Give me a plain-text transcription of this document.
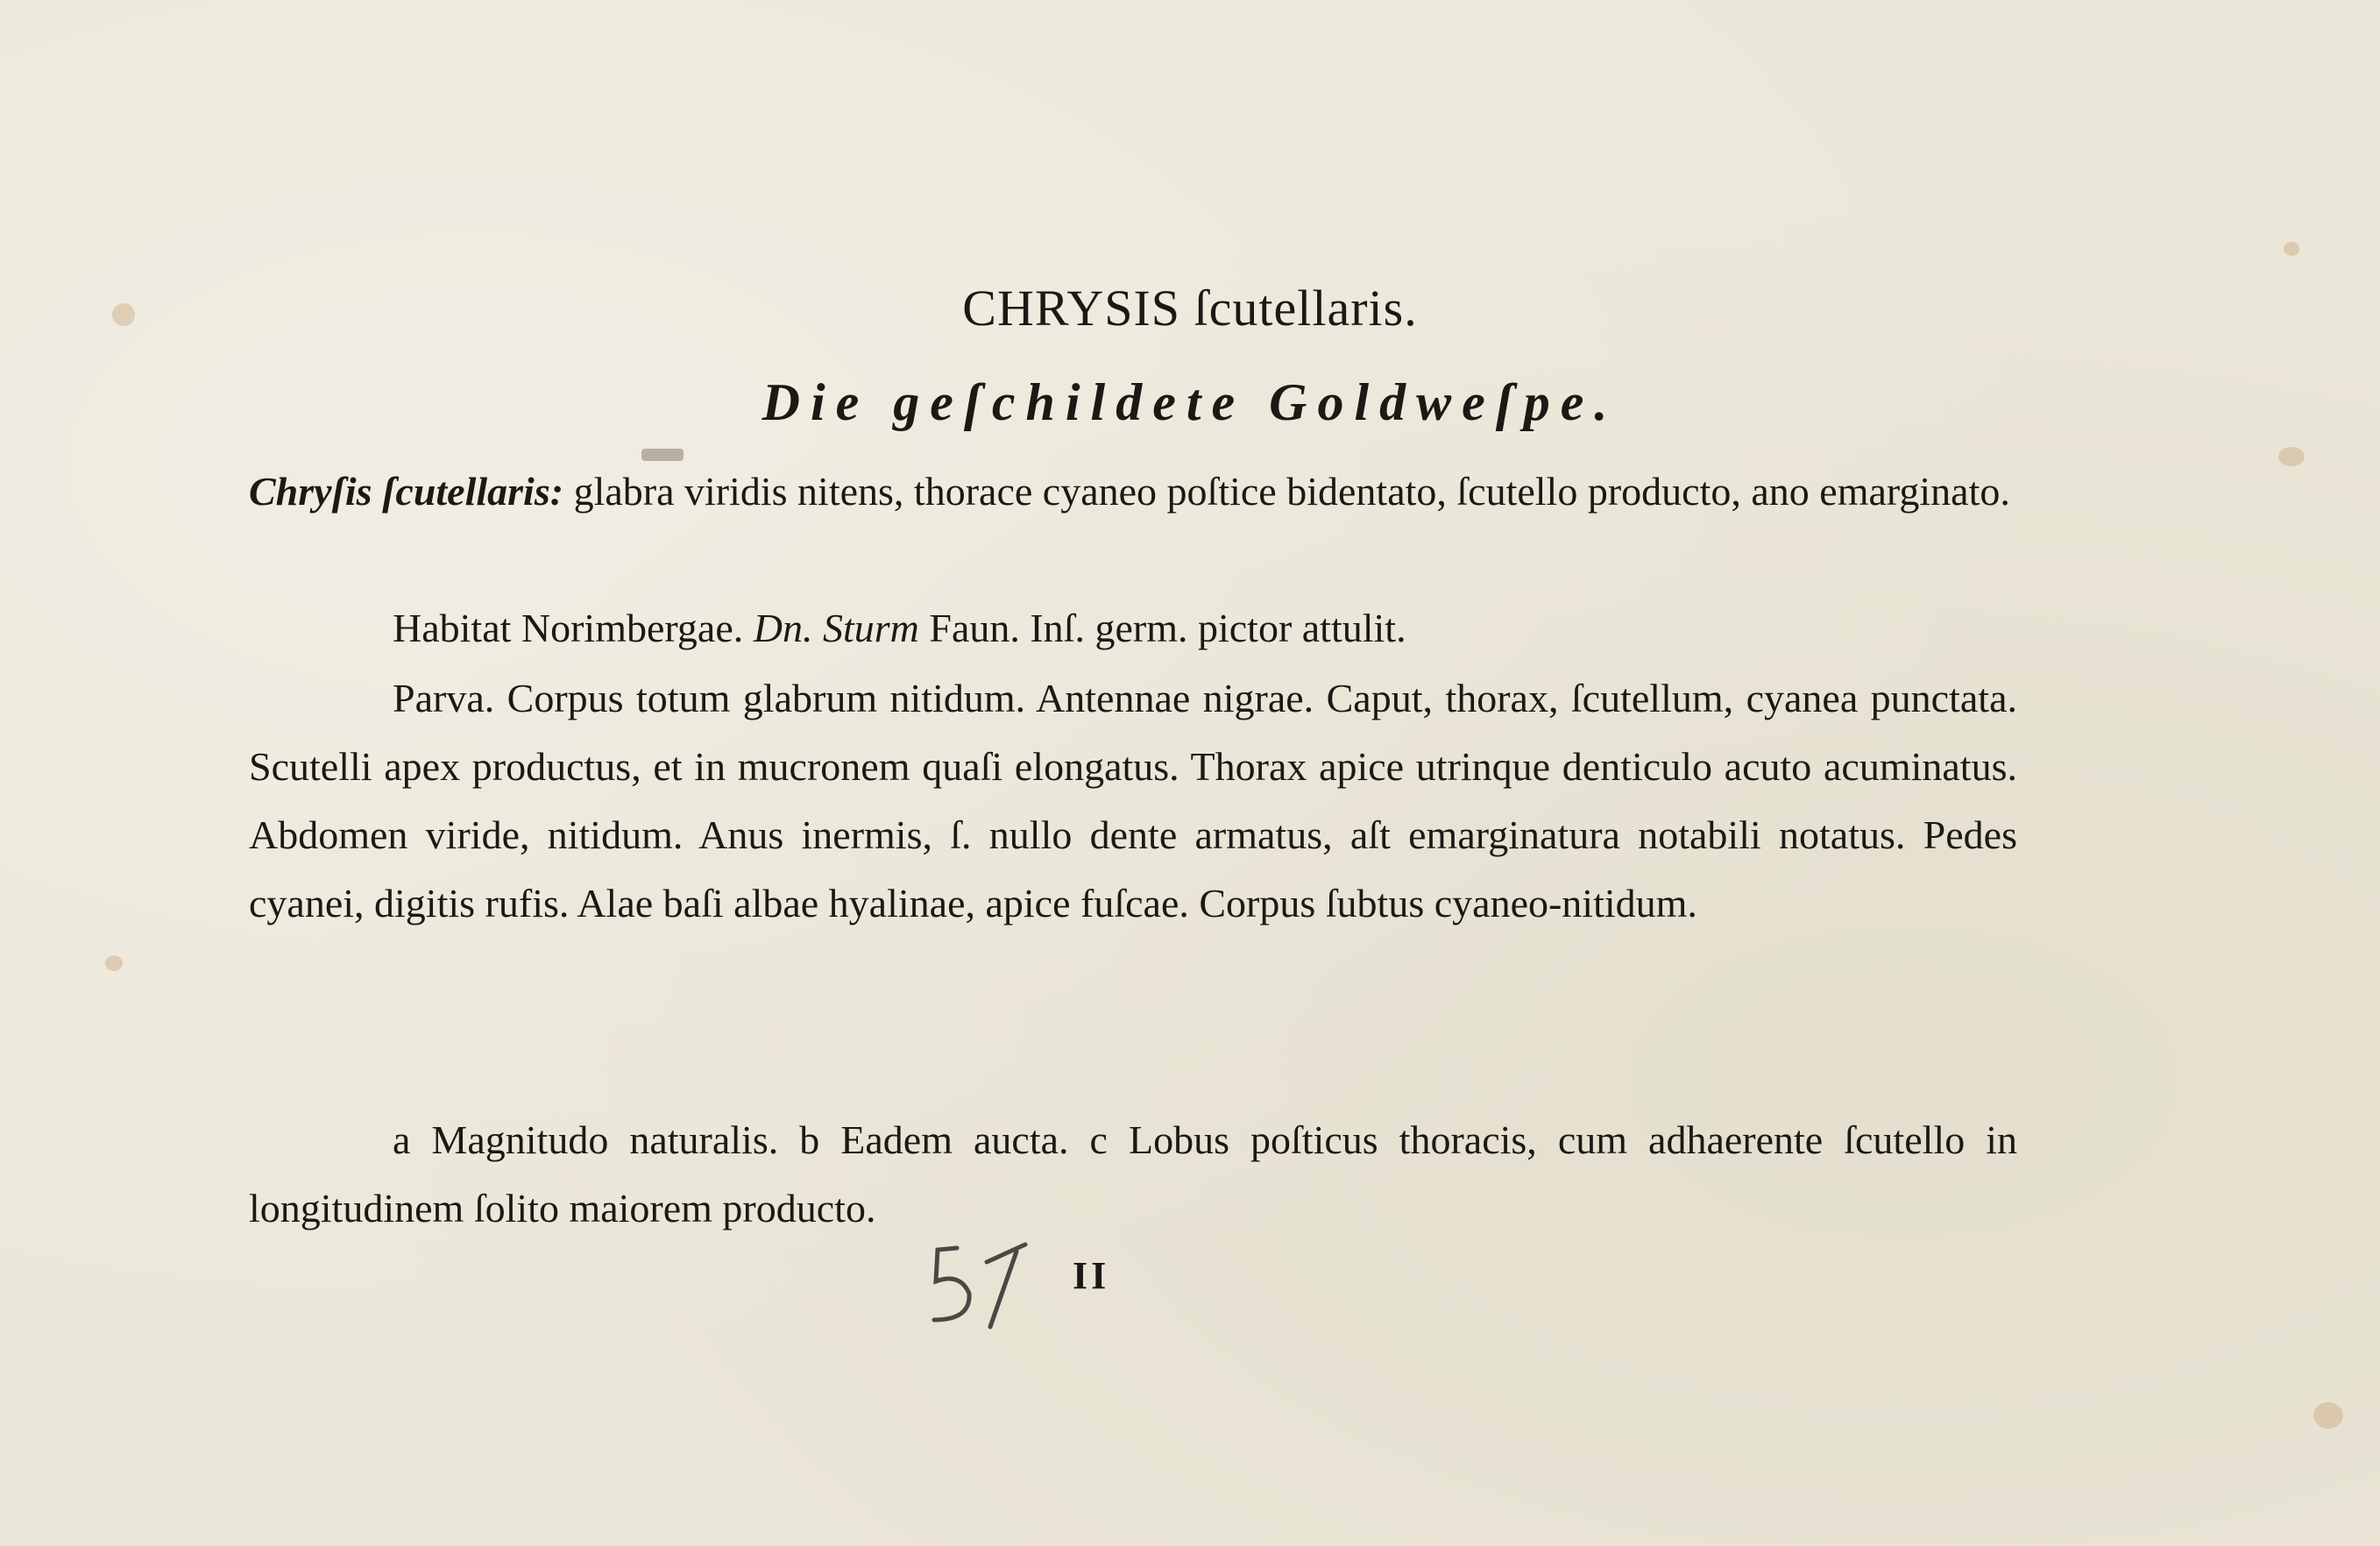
CHRYSIS ſcutellaris.
Die geſchildete Goldweſpe.

Chryſis ſcutellaris: glabra viridis nitens, thorace cyaneo poſtice bidentato, ſcutello producto, ano emarginato.

Habitat Norimbergae. Dn. Sturm Faun. Inſ. germ. pictor attulit.

Parva. Corpus totum glabrum nitidum. Antennae nigrae. Caput, thorax, ſcutellum, cyanea punctata. Scutelli apex productus, et in mucronem quaſi elongatus. Thorax apice utrinque denticulo acuto acuminatus. Abdomen viride, nitidum. Anus inermis, ſ. nullo dente armatus, aſt emarginatura notabili notatus. Pedes cyanei, digitis rufis. Alae baſi albae hyalinae, apice fuſcae. Corpus ſubtus cyaneo-nitidum.

a Magnitudo naturalis. b Eadem aucta. c Lobus poſticus thoracis, cum adhaerente ſcutello in longitudinem ſolito maiorem producto.

II
